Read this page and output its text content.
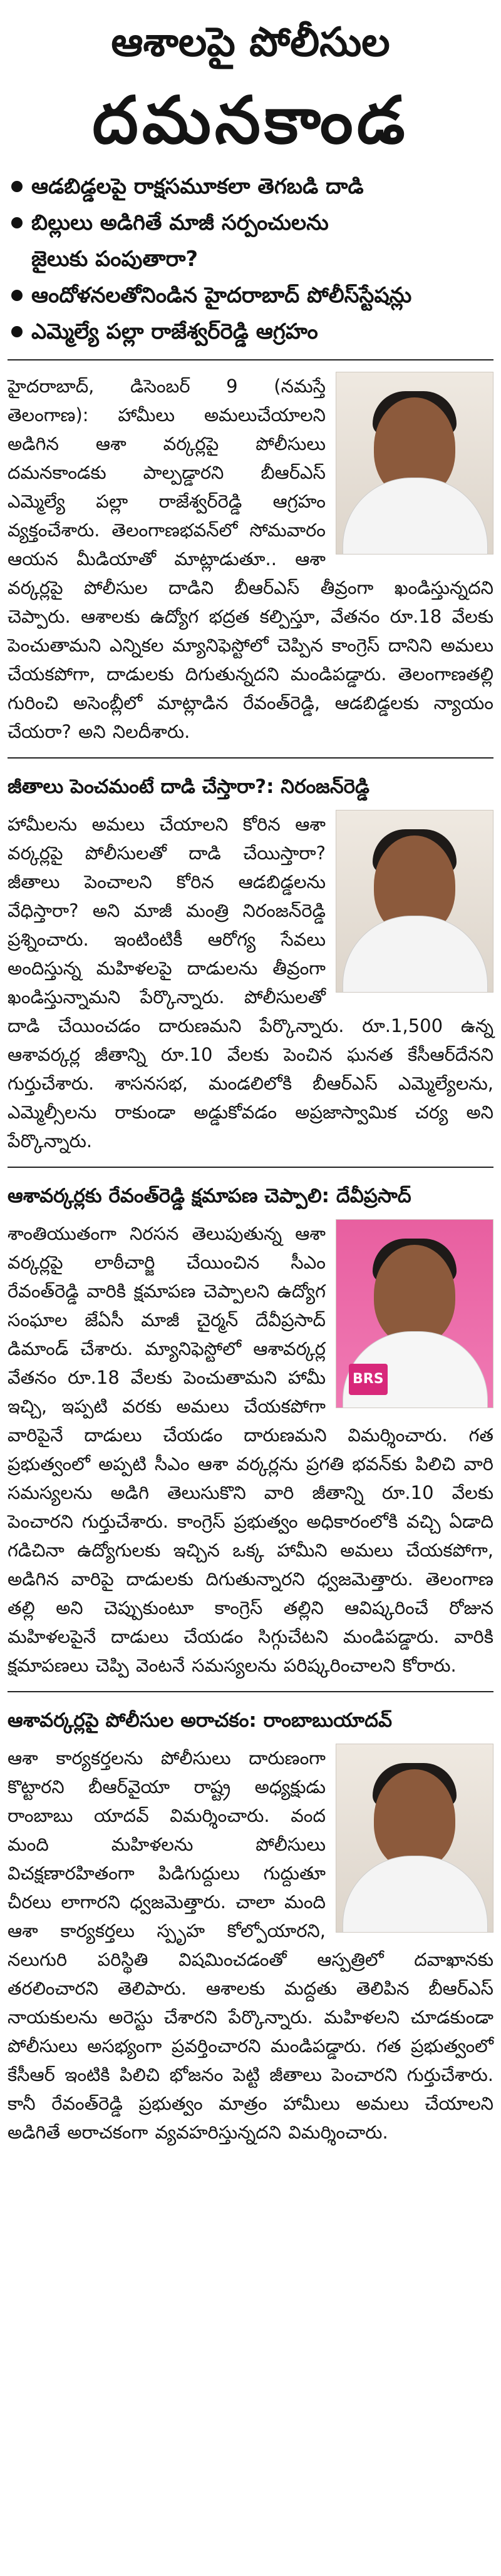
ఆశాలపై పోలీసుల
దమనకాండ
ఆడబిడ్డలపై రాక్షసమూకలా తెగబడి దాడి
బిల్లులు అడిగితే మాజీ సర్పంచులను
జైలుకు పంపుతారా?
ఆందోళనలతోనిండిన హైదరాబాద్ పోలీస్‌స్టేషన్లు
ఎమ్మెల్యే పల్లా రాజేశ్వర్‌రెడ్డి ఆగ్రహం
హైదరాబాద్, డిసెంబర్ 9 (నమస్తే తెలంగాణ): హామీలు అమలుచేయాలని అడిగిన ఆశా వర్కర్లపై పోలీసులు దమనకాండకు పాల్పడ్డారని బీఆర్‌ఎస్ ఎమ్మెల్యే పల్లా రాజేశ్వర్‌రెడ్డి ఆగ్రహం వ్యక్తంచేశారు. తెలంగాణభవన్‌లో సోమవారం ఆయన మీడియాతో మాట్లాడుతూ.. ఆశా వర్కర్లపై పోలీసుల దాడిని బీఆర్‌ఎస్ తీవ్రంగా ఖండిస్తున్నదని చెప్పారు. ఆశాలకు ఉద్యోగ భద్రత కల్పిస్తూ, వేతనం రూ.18 వేలకు పెంచుతామని ఎన్నికల మ్యానిఫెస్టోలో చెప్పిన కాంగ్రెస్ దానిని అమలు చేయకపోగా, దాడులకు దిగుతున్నదని మండిపడ్డారు. తెలంగాణతల్లి గురించి అసెంబ్లీలో మాట్లాడిన రేవంత్‌రెడ్డి, ఆడబిడ్డలకు న్యాయం చేయరా? అని నిలదీశారు.
జీతాలు పెంచమంటే దాడి చేస్తారా?: నిరంజన్‌రెడ్డి
హామీలను అమలు చేయాలని కోరిన ఆశా వర్కర్లపై పోలీసులతో దాడి చేయిస్తారా? జీతాలు పెంచాలని కోరిన ఆడబిడ్డలను వేధిస్తారా? అని మాజీ మంత్రి నిరంజన్‌రెడ్డి ప్రశ్నించారు. ఇంటింటికీ ఆరోగ్య సేవలు అందిస్తున్న మహిళలపై దాడులను తీవ్రంగా ఖండిస్తున్నామని పేర్కొన్నారు. పోలీసులతో దాడి చేయించడం దారుణమని పేర్కొన్నారు. రూ.1,500 ఉన్న ఆశావర్కర్ల జీతాన్ని రూ.10 వేలకు పెంచిన ఘనత కేసీఆర్‌దేనని గుర్తుచేశారు. శాసనసభ, మండలిలోకి బీఆర్‌ఎస్ ఎమ్మెల్యేలను, ఎమ్మెల్సీలను రాకుండా అడ్డుకోవడం అప్రజాస్వామిక చర్య అని పేర్కొన్నారు.
ఆశావర్కర్లకు రేవంత్‌రెడ్డి క్షమాపణ చెప్పాలి: దేవీప్రసాద్
BRS
శాంతియుతంగా నిరసన తెలుపుతున్న ఆశా వర్కర్లపై లాఠీచార్జి చేయించిన సీఎం రేవంత్‌రెడ్డి వారికి క్షమాపణ చెప్పాలని ఉద్యోగ సంఘాల జేఏసీ మాజీ చైర్మన్ దేవీప్రసాద్ డిమాండ్ చేశారు. మ్యానిఫెస్టోలో ఆశావర్కర్ల వేతనం రూ.18 వేలకు పెంచుతామని హామీ ఇచ్చి, ఇప్పటి వరకు అమలు చేయకపోగా వారిపైనే దాడులు చేయడం దారుణమని విమర్శించారు. గత ప్రభుత్వంలో అప్పటి సీఎం ఆశా వర్కర్లను ప్రగతి భవన్‌కు పిలిచి వారి సమస్యలను అడిగి తెలుసుకొని వారి జీతాన్ని రూ.10 వేలకు పెంచారని గుర్తుచేశారు. కాంగ్రెస్ ప్రభుత్వం అధికారంలోకి వచ్చి ఏడాది గడిచినా ఉద్యోగులకు ఇచ్చిన ఒక్క హామీని అమలు చేయకపోగా, అడిగిన వారిపై దాడులకు దిగుతున్నారని ధ్వజమెత్తారు. తెలంగాణ తల్లి అని చెప్పుకుంటూ కాంగ్రెస్ తల్లిని ఆవిష్కరించే రోజున మహిళలపైనే దాడులు చేయడం సిగ్గుచేటని మండిపడ్డారు. వారికి క్షమాపణలు చెప్పి వెంటనే సమస్యలను పరిష్కరించాలని కోరారు.
ఆశావర్కర్లపై పోలీసుల అరాచకం: రాంబాబుయాదవ్
ఆశా కార్యకర్తలను పోలీసులు దారుణంగా కొట్టారని బీఆర్‌వైయా రాష్ట్ర అధ్యక్షుడు రాంబాబు యాదవ్ విమర్శించారు. వంద మంది మహిళలను పోలీసులు విచక్షణారహితంగా పిడిగుద్దులు గుద్దుతూ చీరలు లాగారని ధ్వజమెత్తారు. చాలా మంది ఆశా కార్యకర్తలు స్పృహ కోల్పోయారని, నలుగురి పరిస్థితి విషమించడంతో ఆస్పత్రిలో దవాఖానకు తరలించారని తెలిపారు. ఆశాలకు మద్దతు తెలిపిన బీఆర్‌ఎస్ నాయకులను అరెస్టు చేశారని పేర్కొన్నారు. మహిళలని చూడకుండా పోలీసులు అసభ్యంగా ప్రవర్తించారని మండిపడ్డారు. గత ప్రభుత్వంలో కేసీఆర్ ఇంటికి పిలిచి భోజనం పెట్టి జీతాలు పెంచారని గుర్తుచేశారు. కానీ రేవంత్‌రెడ్డి ప్రభుత్వం మాత్రం హామీలు అమలు చేయాలని అడిగితే అరాచకంగా వ్యవహరిస్తున్నదని విమర్శించారు.
